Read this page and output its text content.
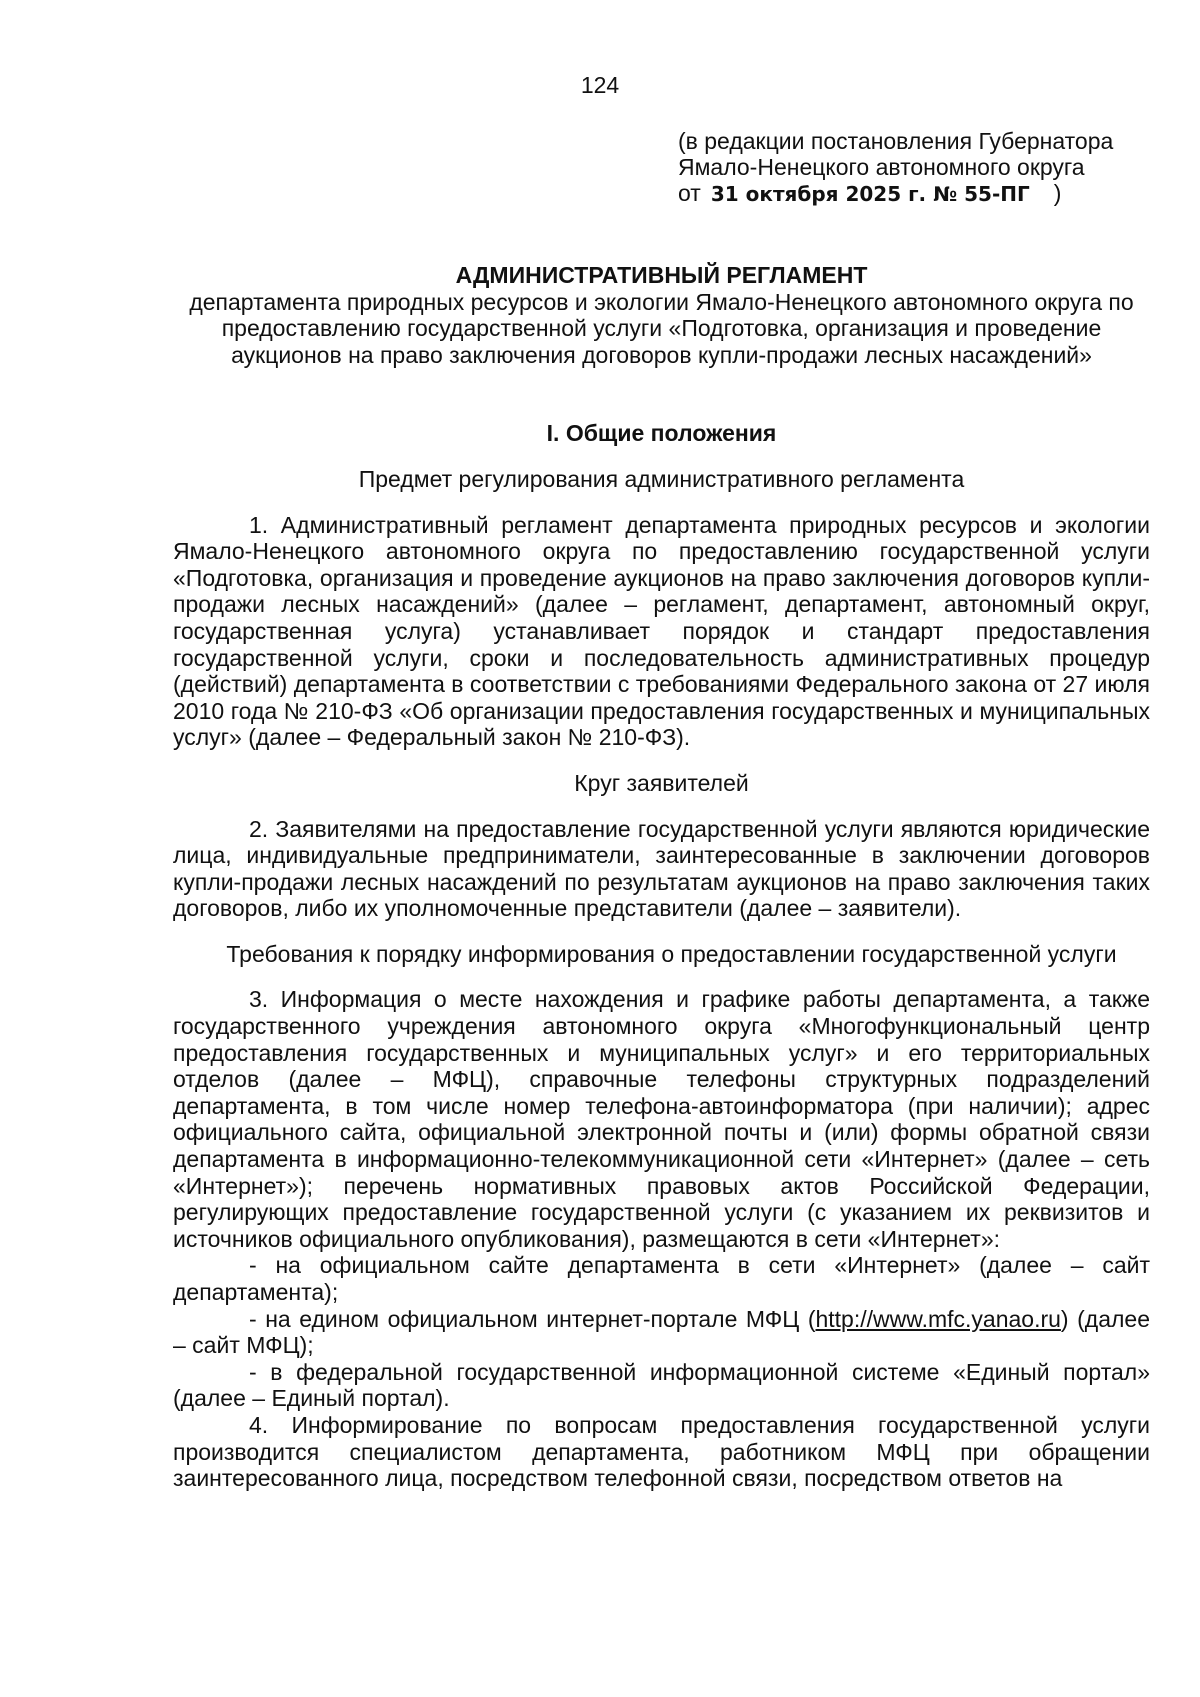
124
(в редакции постановления Губернатора
Ямало-Ненецкого автономного округа
от 31 октября 2025 г. № 55-ПГ )
АДМИНИСТРАТИВНЫЙ РЕГЛАМЕНТ
департамента природных ресурсов и экологии Ямало-Ненецкого автономного округа по предоставлению государственной услуги «Подготовка, организация и проведение аукционов на право заключения договоров купли-продажи лесных насаждений»
I. Общие положения
Предмет регулирования административного регламента

1. Административный регламент департамента природных ресурсов и экологии Ямало-Ненецкого автономного округа по предоставлению государственной услуги «Подготовка, организация и проведение аукционов на право заключения договоров купли-продажи лесных насаждений» (далее – регламент, департамент, автономный округ, государственная услуга) устанавливает порядок и стандарт предоставления государственной услуги, сроки и последовательность административных процедур (действий) департамента в соответствии с требованиями Федерального закона от 27 июля 2010 года № 210-ФЗ «Об организации предоставления государственных и муниципальных услуг» (далее – Федеральный закон № 210-ФЗ).

Круг заявителей

2. Заявителями на предоставление государственной услуги являются юридические лица, индивидуальные предприниматели, заинтересованные в заключении договоров купли-продажи лесных насаждений по результатам аукционов на право заключения таких договоров, либо их уполномоченные представители (далее – заявители).

Требования к порядку информирования о предоставлении государственной услуги

3. Информация о месте нахождения и графике работы департамента, а также государственного учреждения автономного округа «Многофункциональный центр предоставления государственных и муниципальных услуг» и его территориальных отделов (далее – МФЦ), справочные телефоны структурных подразделений департамента, в том числе номер телефона-автоинформатора (при наличии); адрес официального сайта, официальной электронной почты и (или) формы обратной связи департамента в информационно-телекоммуникационной сети «Интернет» (далее – сеть «Интернет»); перечень нормативных правовых актов Российской Федерации, регулирующих предоставление государственной услуги (с указанием их реквизитов и источников официального опубликования), размещаются в сети «Интернет»:

- на официальном сайте департамента в сети «Интернет» (далее – сайт департамента);

- на едином официальном интернет-портале МФЦ (http://www.mfc.yanao.ru) (далее – сайт МФЦ);

- в федеральной государственной информационной системе «Единый портал» (далее – Единый портал).

4. Информирование по вопросам предоставления государственной услуги производится специалистом департамента, работником МФЦ при обращении заинтересованного лица, посредством телефонной связи, посредством ответов на
